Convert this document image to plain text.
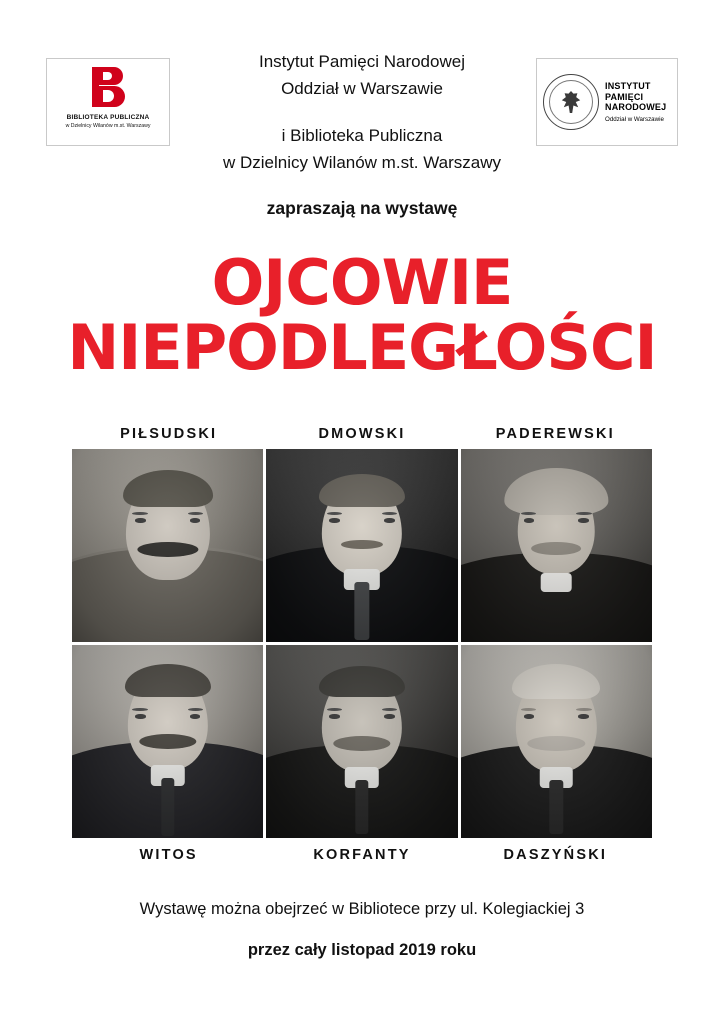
BIBLIOTEKA PUBLICZNA
w Dzielnicy Wilanów m.st. Warszawy
INSTYTUT
PAMIĘCI
NARODOWEJ
Oddział w Warszawie
Instytut Pamięci Narodowej
Oddział w Warszawie
i Biblioteka Publiczna
w Dzielnicy Wilanów m.st. Warszawy
zapraszają na wystawę
OJCOWIE
NIEPODLEGŁOŚCI
PIŁSUDSKI	DMOWSKI	PADEREWSKI
WITOS	KORFANTY	DASZYŃSKI
Wystawę można obejrzeć w Bibliotece przy ul. Kolegiackiej 3
przez cały listopad 2019 roku
